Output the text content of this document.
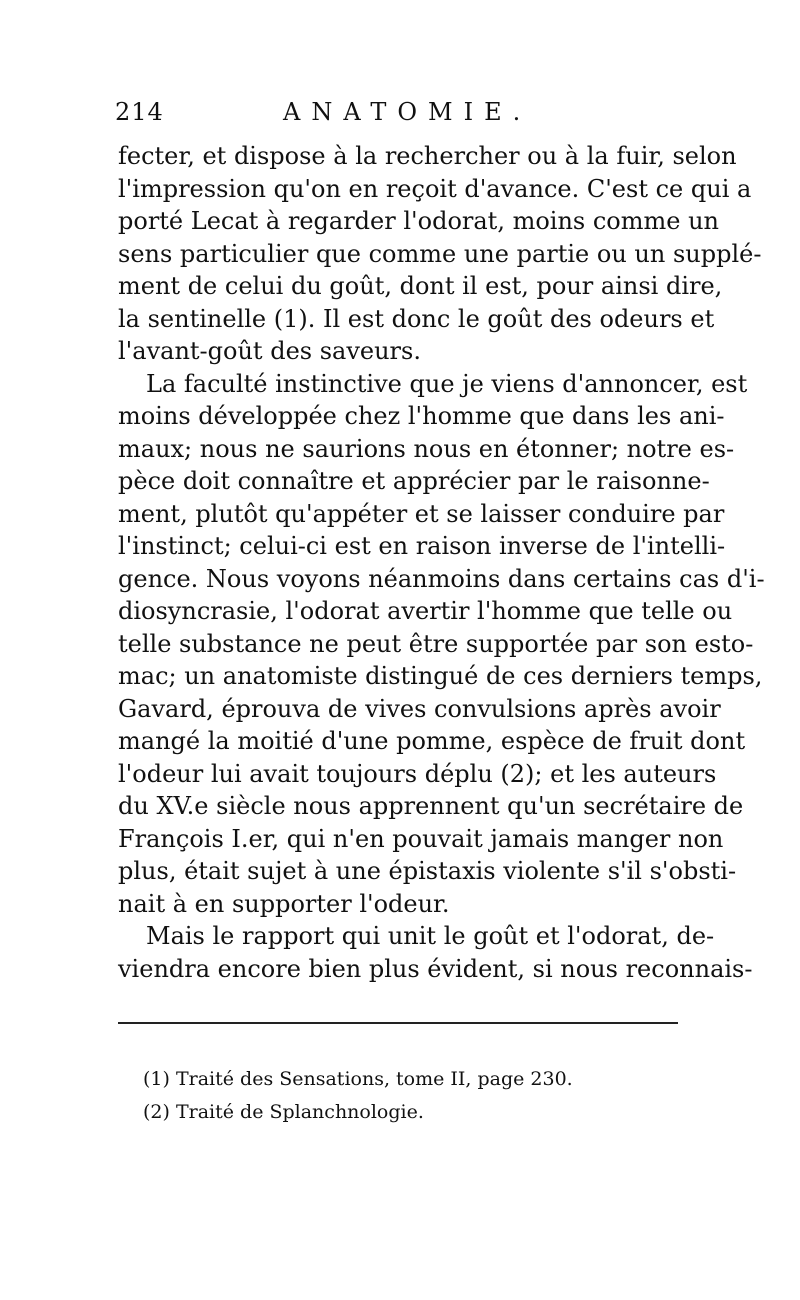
214	ANATOMIE.
fecter, et dispose à la rechercher ou à la fuir, selon
l'impression qu'on en reçoit d'avance. C'est ce qui a
porté Lecat à regarder l'odorat, moins comme un
sens particulier que comme une partie ou un supplé-
ment de celui du goût, dont il est, pour ainsi dire,
la sentinelle (1). Il est donc le goût des odeurs et
l'avant-goût des saveurs.
La faculté instinctive que je viens d'annoncer, est
moins développée chez l'homme que dans les ani-
maux; nous ne saurions nous en étonner; notre es-
pèce doit connaître et apprécier par le raisonne-
ment, plutôt qu'appéter et se laisser conduire par
l'instinct; celui-ci est en raison inverse de l'intelli-
gence. Nous voyons néanmoins dans certains cas d'i-
diosyncrasie, l'odorat avertir l'homme que telle ou
telle substance ne peut être supportée par son esto-
mac; un anatomiste distingué de ces derniers temps,
Gavard, éprouva de vives convulsions après avoir
mangé la moitié d'une pomme, espèce de fruit dont
l'odeur lui avait toujours déplu (2); et les auteurs
du XV.e siècle nous apprennent qu'un secrétaire de
François I.er, qui n'en pouvait jamais manger non
plus, était sujet à une épistaxis violente s'il s'obsti-
nait à en supporter l'odeur.
Mais le rapport qui unit le goût et l'odorat, de-
viendra encore bien plus évident, si nous reconnais-
(1) Traité des Sensations, tome II, page 230.
(2) Traité de Splanchnologie.
